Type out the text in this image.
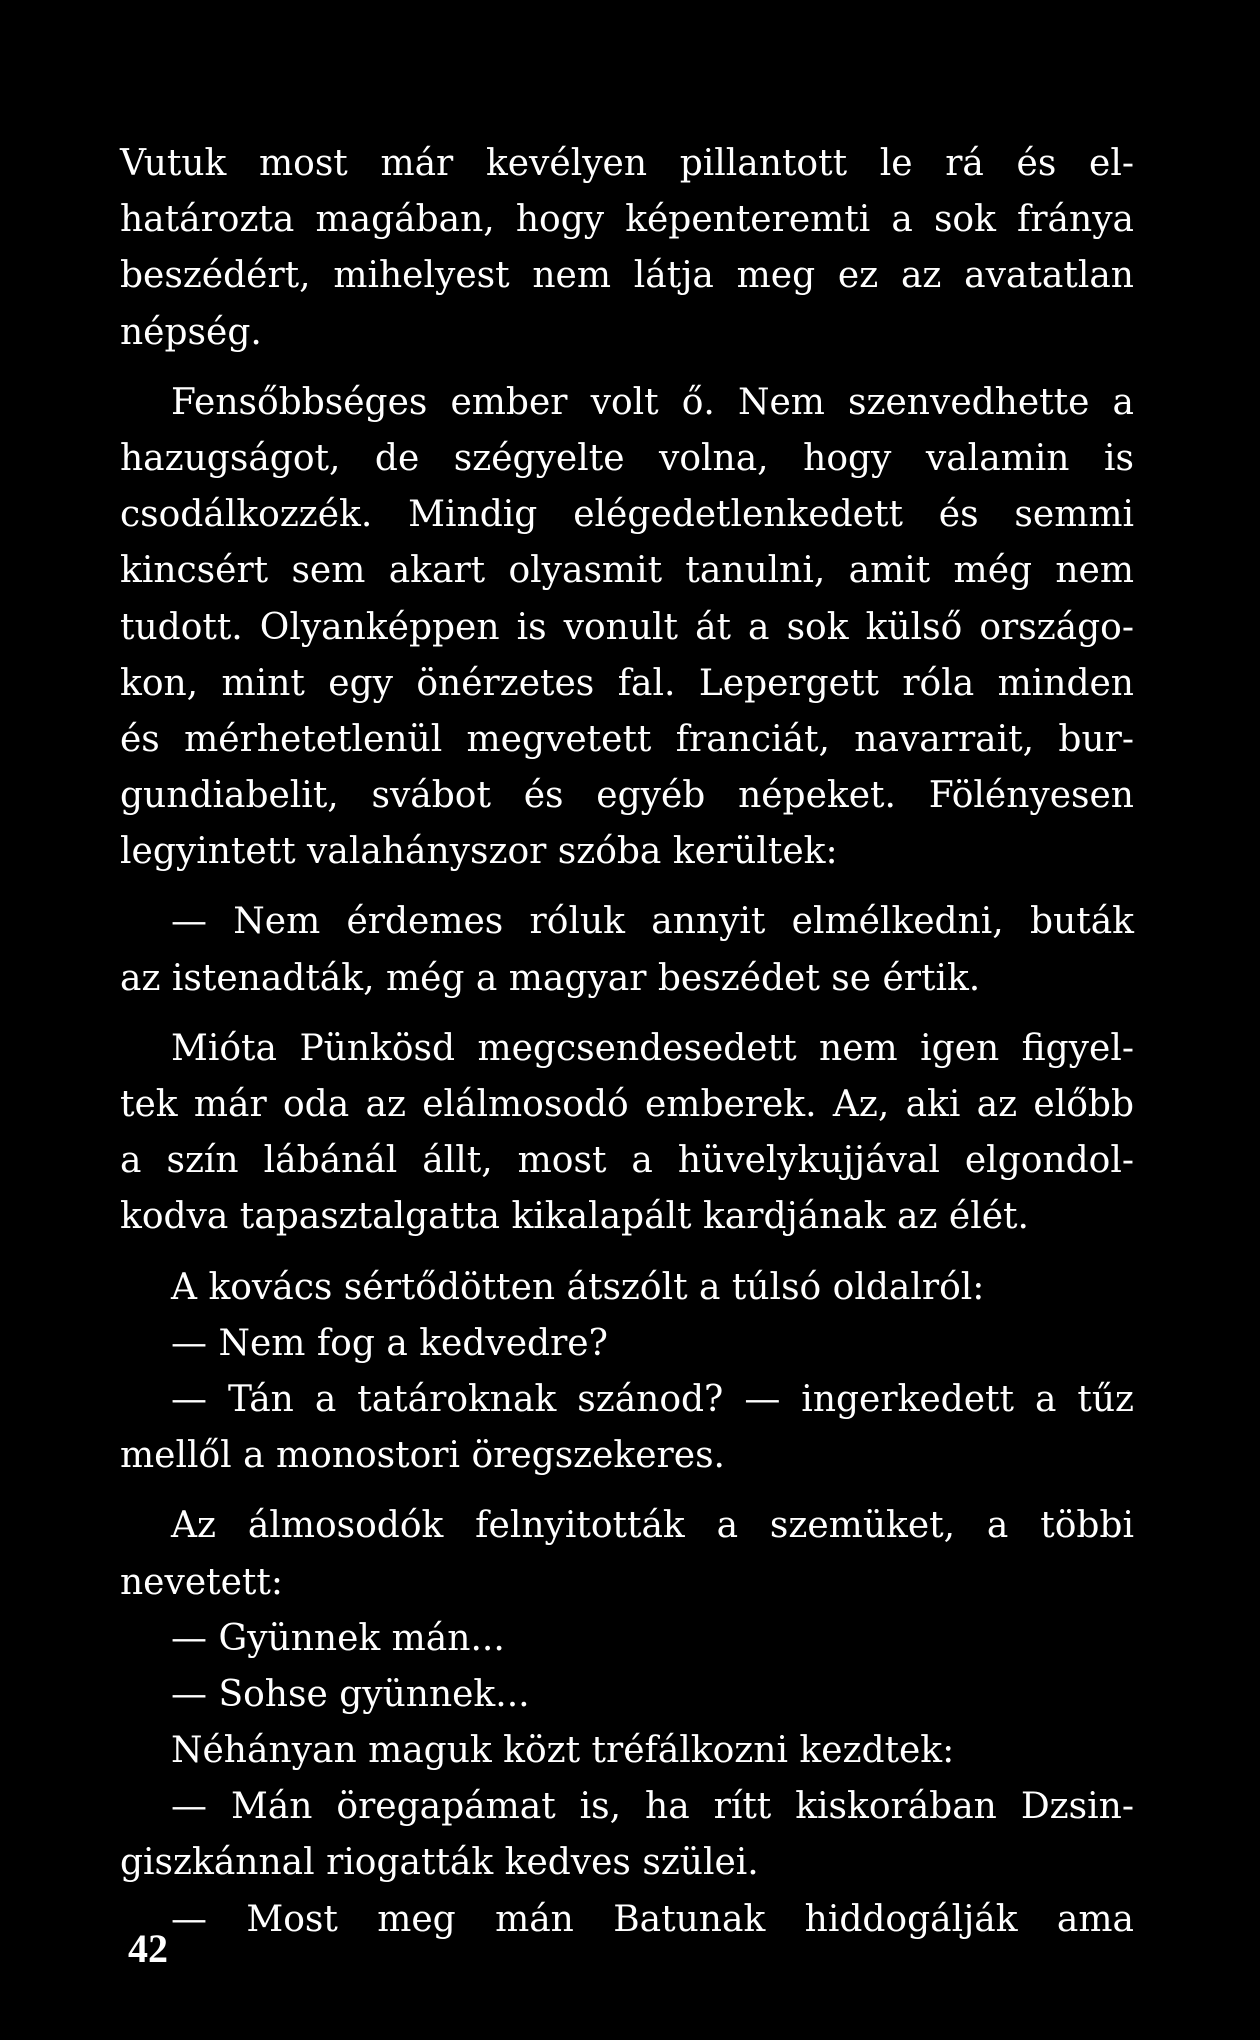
Vutuk most már kevélyen pillantott le rá és el-
határozta magában, hogy képenteremti a sok fránya
beszédért, mihelyest nem látja meg ez az avatatlan
népség.
Fensőbbséges ember volt ő. Nem szenvedhette a
hazugságot, de szégyelte volna, hogy valamin is
csodálkozzék. Mindig elégedetlenkedett és semmi
kincsért sem akart olyasmit tanulni, amit még nem
tudott. Olyanképpen is vonult át a sok külső országo-
kon, mint egy önérzetes fal. Lepergett róla minden
és mérhetetlenül megvetett franciát, navarrait, bur-
gundiabelit, svábot és egyéb népeket. Fölényesen
legyintett valahányszor szóba kerültek:
— Nem érdemes róluk annyit elmélkedni, buták
az istenadták, még a magyar beszédet se értik.
Mióta Pünkösd megcsendesedett nem igen figyel-
tek már oda az elálmosodó emberek. Az, aki az előbb
a szín lábánál állt, most a hüvelykujjával elgondol-
kodva tapasztalgatta kikalapált kardjának az élét.
A kovács sértődötten átszólt a túlsó oldalról:
— Nem fog a kedvedre?
— Tán a tatároknak szánod? — ingerkedett a tűz
mellől a monostori öregszekeres.
Az álmosodók felnyitották a szemüket, a többi
nevetett:
— Gyünnek mán...
— Sohse gyünnek...
Néhányan maguk közt tréfálkozni kezdtek:
— Mán öregapámat is, ha rítt kiskorában Dzsin-
giszkánnal riogatták kedves szülei.
— Most meg mán Batunak hiddogálják ama
42
